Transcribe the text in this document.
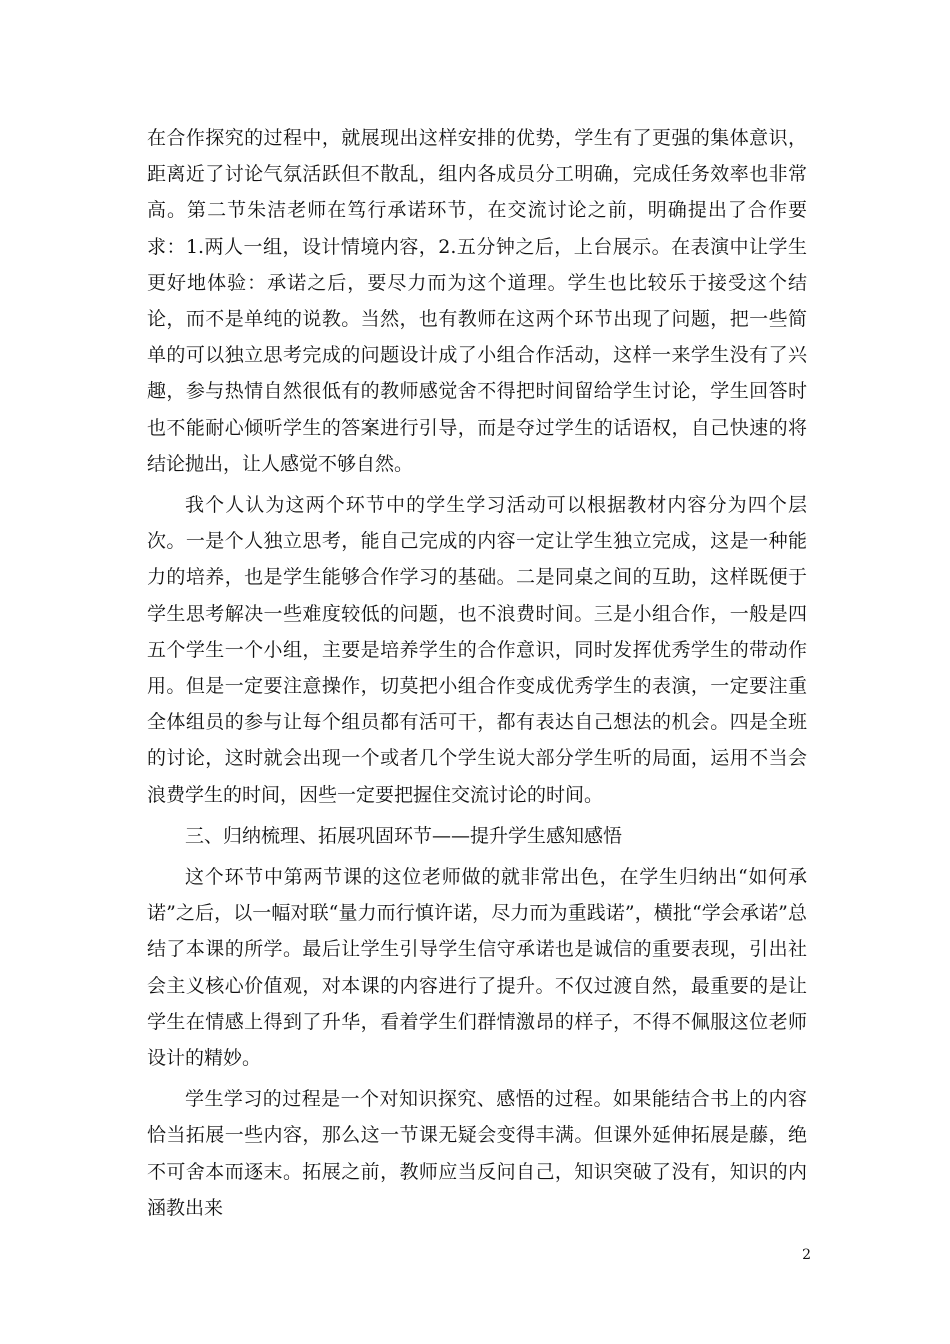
在合作探究的过程中，就展现出这样安排的优势，学生有了更强的集体意识，距离近了讨论气氛活跃但不散乱，组内各成员分工明确，完成任务效率也非常高。第二节朱洁老师在笃行承诺环节，在交流讨论之前，明确提出了合作要求：1.两人一组，设计情境内容，2.五分钟之后，上台展示。在表演中让学生更好地体验：承诺之后，要尽力而为这个道理。学生也比较乐于接受这个结论，而不是单纯的说教。当然，也有教师在这两个环节出现了问题，把一些简单的可以独立思考完成的问题设计成了小组合作活动，这样一来学生没有了兴趣，参与热情自然很低有的教师感觉舍不得把时间留给学生讨论，学生回答时也不能耐心倾听学生的答案进行引导，而是夺过学生的话语权，自己快速的将结论抛出，让人感觉不够自然。

我个人认为这两个环节中的学生学习活动可以根据教材内容分为四个层次。一是个人独立思考，能自己完成的内容一定让学生独立完成，这是一种能力的培养，也是学生能够合作学习的基础。二是同桌之间的互助，这样既便于学生思考解决一些难度较低的问题，也不浪费时间。三是小组合作，一般是四五个学生一个小组，主要是培养学生的合作意识，同时发挥优秀学生的带动作用。但是一定要注意操作，切莫把小组合作变成优秀学生的表演，一定要注重全体组员的参与让每个组员都有活可干，都有表达自己想法的机会。四是全班的讨论，这时就会出现一个或者几个学生说大部分学生听的局面，运用不当会浪费学生的时间，因些一定要把握住交流讨论的时间。

三、归纳梳理、拓展巩固环节——提升学生感知感悟

这个环节中第两节课的这位老师做的就非常出色，在学生归纳出“如何承诺”之后，以一幅对联“量力而行慎许诺，尽力而为重践诺”，横批“学会承诺”总结了本课的所学。最后让学生引导学生信守承诺也是诚信的重要表现，引出社会主义核心价值观，对本课的内容进行了提升。不仅过渡自然，最重要的是让学生在情感上得到了升华，看着学生们群情激昂的样子，不得不佩服这位老师设计的精妙。

学生学习的过程是一个对知识探究、感悟的过程。如果能结合书上的内容恰当拓展一些内容，那么这一节课无疑会变得丰满。但课外延伸拓展是藤，绝不可舍本而逐末。拓展之前，教师应当反问自己，知识突破了没有，知识的内涵教出来

2
